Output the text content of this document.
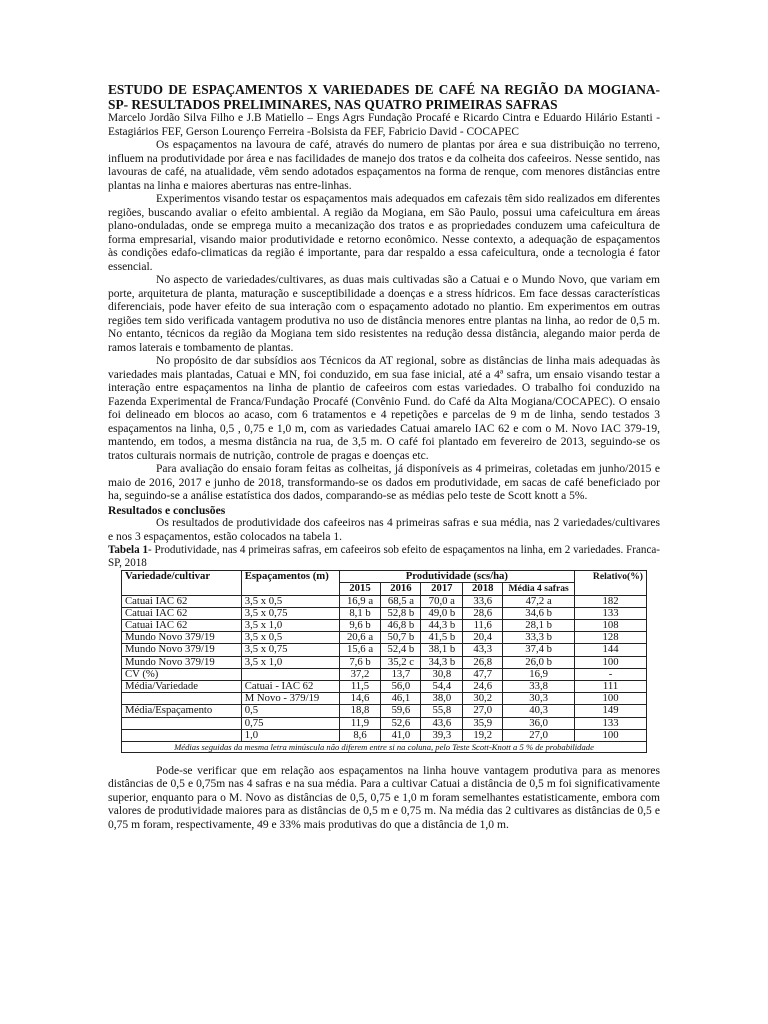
ESTUDO DE ESPAÇAMENTOS X VARIEDADES DE CAFÉ NA REGIÃO DA MOGIANA-SP- RESULTADOS PRELIMINARES, NAS QUATRO PRIMEIRAS SAFRAS

Marcelo Jordão Silva Filho e J.B Matiello – Engs Agrs Fundação Procafé e Ricardo Cintra e Eduardo Hilário Estanti - Estagiários FEF, Gerson Lourenço Ferreira -Bolsista da FEF, Fabricio David - COCAPEC

Os espaçamentos na lavoura de café, através do numero de plantas por área e sua distribuição no terreno, influem na produtividade por área e nas facilidades de manejo dos tratos e da colheita dos cafeeiros. Nesse sentido, nas lavouras de café, na atualidade, vêm sendo adotados espaçamentos na forma de renque, com menores distâncias entre plantas na linha e maiores aberturas nas entre-linhas.

Experimentos visando testar os espaçamentos mais adequados em cafezais têm sido realizados em diferentes regiões, buscando avaliar o efeito ambiental. A região da Mogiana, em São Paulo, possui uma cafeicultura em áreas plano-onduladas, onde se emprega muito a mecanização dos tratos e as propriedades conduzem uma cafeicultura de forma empresarial, visando maior produtividade e retorno econômico. Nesse contexto, a adequação de espaçamentos às condições edafo-climaticas da região é importante, para dar respaldo a essa cafeicultura, onde a tecnologia é fator essencial.

No aspecto de variedades/cultivares, as duas mais cultivadas são a Catuai e o Mundo Novo, que variam em porte, arquitetura de planta, maturação e susceptibilidade a doenças e a stress hídricos. Em face dessas características diferenciais, pode haver efeito de sua interação com o espaçamento adotado no plantio. Em experimentos em outras regiões tem sido verificada vantagem produtiva no uso de distância menores entre plantas na linha, ao redor de 0,5 m. No entanto, técnicos da região da Mogiana tem sido resistentes na redução dessa distância, alegando maior perda de ramos laterais e tombamento de plantas.

No propósito de dar subsídios aos Técnicos da AT regional, sobre as distâncias de linha mais adequadas às variedades mais plantadas, Catuai e MN, foi conduzido, em sua fase inicial, até a 4ª safra, um ensaio visando testar a interação entre espaçamentos na linha de plantio de cafeeiros com estas variedades. O trabalho foi conduzido na Fazenda Experimental de Franca/Fundação Procafé (Convênio Fund. do Café da Alta Mogiana/COCAPEC). O ensaio foi delineado em blocos ao acaso, com 6 tratamentos e 4 repetições e parcelas de 9 m de linha, sendo testados 3 espaçamentos na linha, 0,5 , 0,75 e 1,0 m, com as variedades Catuai amarelo IAC 62 e com o M. Novo IAC 379-19, mantendo, em todos, a mesma distância na rua, de 3,5 m. O café foi plantado em fevereiro de 2013, seguindo-se os tratos culturais normais de nutrição, controle de pragas e doenças etc.

Para avaliação do ensaio foram feitas as colheitas, já disponíveis as 4 primeiras, coletadas em junho/2015 e maio de 2016, 2017 e junho de 2018, transformando-se os dados em produtividade, em sacas de café beneficiado por ha, seguindo-se a análise estatística dos dados, comparando-se as médias pelo teste de Scott knott a 5%.

Resultados e conclusões

Os resultados de produtividade dos cafeeiros nas 4 primeiras safras e sua média, nas 2 variedades/cultivares e nos 3 espaçamentos, estão colocados na tabela 1.

Tabela 1- Produtividade, nas 4 primeiras safras, em cafeeiros sob efeito de espaçamentos na linha, em 2 variedades. Franca-SP, 2018

Variedade/cultivar	Espaçamentos (m)	Produtividade (scs/ha)					Relativo(%)
		2015	2016	2017	2018	Média 4 safras	
Catuai IAC 62	3,5 x 0,5	16,9 a	68,5 a	70,0 a	33,6	47,2 a	182
Catuai IAC 62	3,5 x 0,75	8,1 b	52,8 b	49,0 b	28,6	34,6 b	133
Catuai IAC 62	3,5 x 1,0	9,6 b	46,8 b	44,3 b	11,6	28,1 b	108
Mundo Novo 379/19	3,5 x 0,5	20,6 a	50,7 b	41,5 b	20,4	33,3 b	128
Mundo Novo 379/19	3,5 x 0,75	15,6 a	52,4 b	38,1 b	43,3	37,4 b	144
Mundo Novo 379/19	3,5 x 1,0	7,6 b	35,2 c	34,3 b	26,8	26,0 b	100
CV (%)		37,2	13,7	30,8	47,7	16,9	-
Média/Variedade	Catuai - IAC 62	11,5	56,0	54,4	24,6	33,8	111
	M Novo - 379/19	14,6	46,1	38,0	30,2	30,3	100
Média/Espaçamento	0,5	18,8	59,6	55,8	27,0	40,3	149
	0,75	11,9	52,6	43,6	35,9	36,0	133
	1,0	8,6	41,0	39,3	19,2	27,0	100
Médias seguidas da mesma letra minúscula não diferem entre si na coluna, pelo Teste Scott-Knott a 5 % de probabilidade							

Pode-se verificar que em relação aos espaçamentos na linha houve vantagem produtiva para as menores distâncias de 0,5 e 0,75m nas 4 safras e na sua média. Para a cultivar Catuai a distância de 0,5 m foi significativamente superior, enquanto para o M. Novo as distâncias de 0,5, 0,75 e 1,0 m foram semelhantes estatisticamente, embora com valores de produtividade maiores para as distâncias de 0,5 m e 0,75 m. Na média das 2 cultivares as distâncias de 0,5 e 0,75 m foram, respectivamente, 49 e 33% mais produtivas do que a distância de 1,0 m.
